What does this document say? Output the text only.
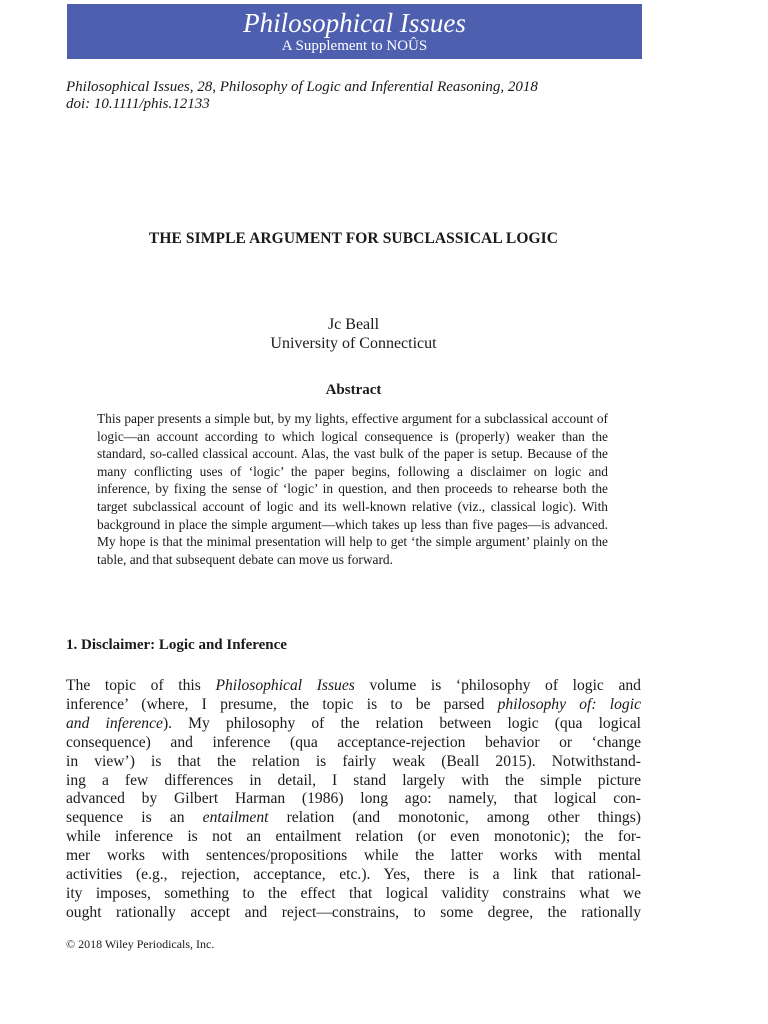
Philosophical Issues
A Supplement to NOÛS
Philosophical Issues, 28, Philosophy of Logic and Inferential Reasoning, 2018
doi: 10.1111/phis.12133
THE SIMPLE ARGUMENT FOR SUBCLASSICAL LOGIC
Jc Beall
University of Connecticut
Abstract
This paper presents a simple but, by my lights, effective argument for a subclassical account of logic—an account according to which logical consequence is (properly) weaker than the standard, so-called classical account. Alas, the vast bulk of the paper is setup. Because of the many conflicting uses of ‘logic’ the paper begins, following a disclaimer on logic and inference, by fixing the sense of ‘logic’ in question, and then proceeds to rehearse both the target subclassical account of logic and its well-known relative (viz., classical logic). With background in place the simple argument—which takes up less than five pages—is advanced. My hope is that the minimal presentation will help to get ‘the simple argument’ plainly on the table, and that subsequent debate can move us forward.
1. Disclaimer: Logic and Inference
The topic of this Philosophical Issues volume is ‘philosophy of logic and
inference’ (where, I presume, the topic is to be parsed philosophy of: logic
and inference). My philosophy of the relation between logic (qua logical
consequence) and inference (qua acceptance-rejection behavior or ‘change
in view’) is that the relation is fairly weak (Beall 2015). Notwithstand-
ing a few differences in detail, I stand largely with the simple picture
advanced by Gilbert Harman (1986) long ago: namely, that logical con-
sequence is an entailment relation (and monotonic, among other things)
while inference is not an entailment relation (or even monotonic); the for-
mer works with sentences/propositions while the latter works with mental
activities (e.g., rejection, acceptance, etc.). Yes, there is a link that rational-
ity imposes, something to the effect that logical validity constrains what we
ought rationally accept and reject—constrains, to some degree, the rationally
© 2018 Wiley Periodicals, Inc.
